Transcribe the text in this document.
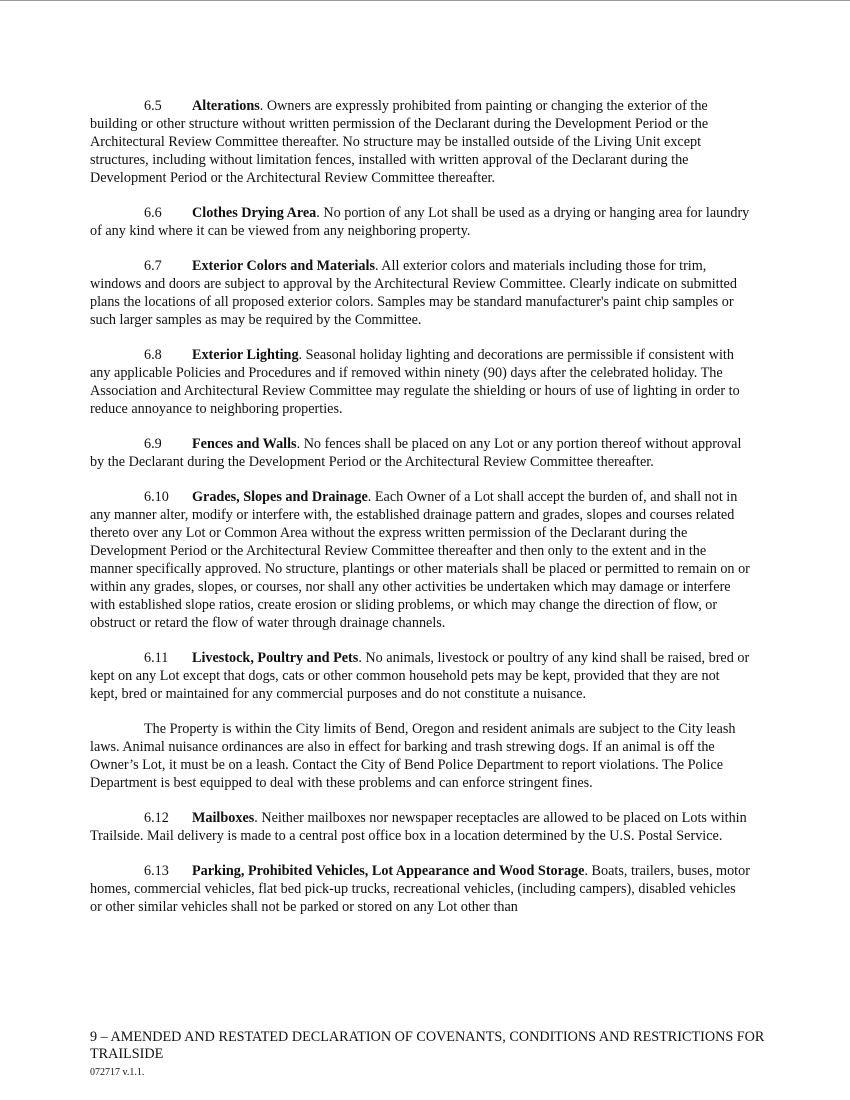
6.5 Alterations. Owners are expressly prohibited from painting or changing the exterior of the building or other structure without written permission of the Declarant during the Development Period or the Architectural Review Committee thereafter. No structure may be installed outside of the Living Unit except structures, including without limitation fences, installed with written approval of the Declarant during the Development Period or the Architectural Review Committee thereafter.

6.6 Clothes Drying Area. No portion of any Lot shall be used as a drying or hanging area for laundry of any kind where it can be viewed from any neighboring property.

6.7 Exterior Colors and Materials. All exterior colors and materials including those for trim, windows and doors are subject to approval by the Architectural Review Committee. Clearly indicate on submitted plans the locations of all proposed exterior colors. Samples may be standard manufacturer's paint chip samples or such larger samples as may be required by the Committee.

6.8 Exterior Lighting. Seasonal holiday lighting and decorations are permissible if consistent with any applicable Policies and Procedures and if removed within ninety (90) days after the celebrated holiday. The Association and Architectural Review Committee may regulate the shielding or hours of use of lighting in order to reduce annoyance to neighboring properties.

6.9 Fences and Walls. No fences shall be placed on any Lot or any portion thereof without approval by the Declarant during the Development Period or the Architectural Review Committee thereafter.

6.10 Grades, Slopes and Drainage. Each Owner of a Lot shall accept the burden of, and shall not in any manner alter, modify or interfere with, the established drainage pattern and grades, slopes and courses related thereto over any Lot or Common Area without the express written permission of the Declarant during the Development Period or the Architectural Review Committee thereafter and then only to the extent and in the manner specifically approved. No structure, plantings or other materials shall be placed or permitted to remain on or within any grades, slopes, or courses, nor shall any other activities be undertaken which may damage or interfere with established slope ratios, create erosion or sliding problems, or which may change the direction of flow, or obstruct or retard the flow of water through drainage channels.

6.11 Livestock, Poultry and Pets. No animals, livestock or poultry of any kind shall be raised, bred or kept on any Lot except that dogs, cats or other common household pets may be kept, provided that they are not kept, bred or maintained for any commercial purposes and do not constitute a nuisance.

The Property is within the City limits of Bend, Oregon and resident animals are subject to the City leash laws. Animal nuisance ordinances are also in effect for barking and trash strewing dogs. If an animal is off the Owner’s Lot, it must be on a leash. Contact the City of Bend Police Department to report violations. The Police Department is best equipped to deal with these problems and can enforce stringent fines.

6.12 Mailboxes. Neither mailboxes nor newspaper receptacles are allowed to be placed on Lots within Trailside. Mail delivery is made to a central post office box in a location determined by the U.S. Postal Service.

6.13 Parking, Prohibited Vehicles, Lot Appearance and Wood Storage. Boats, trailers, buses, motor homes, commercial vehicles, flat bed pick-up trucks, recreational vehicles, (including campers), disabled vehicles or other similar vehicles shall not be parked or stored on any Lot other than

9 – AMENDED AND RESTATED DECLARATION OF COVENANTS, CONDITIONS AND RESTRICTIONS FOR TRAILSIDE
072717 v.1.1.
